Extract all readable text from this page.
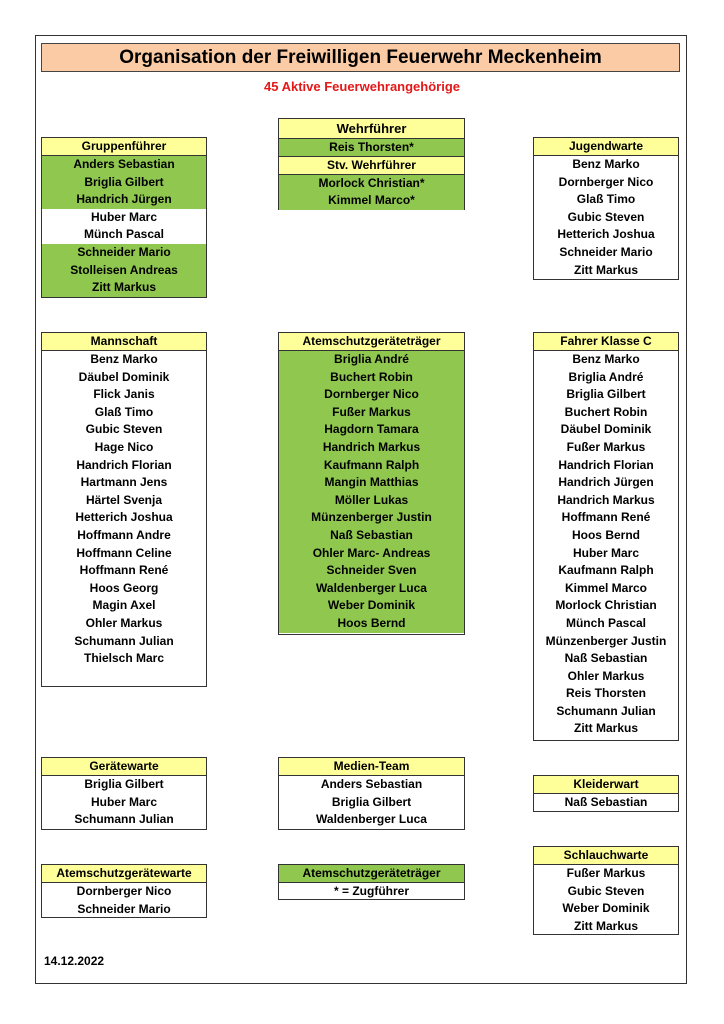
Organisation der Freiwilligen Feuerwehr Meckenheim
45 Aktive Feuerwehrangehörige
Wehrführer
Reis Thorsten*
Stv. Wehrführer
Morlock Christian*
Kimmel Marco*
Gruppenführer
Anders Sebastian
Briglia Gilbert
Handrich Jürgen
Huber Marc
Münch Pascal
Schneider Mario
Stolleisen Andreas
Zitt Markus
Jugendwarte
Benz Marko
Dornberger Nico
Glaß Timo
Gubic Steven
Hetterich Joshua
Schneider Mario
Zitt Markus
Mannschaft
Benz Marko
Däubel Dominik
Flick Janis
Glaß Timo
Gubic Steven
Hage Nico
Handrich Florian
Hartmann Jens
Härtel Svenja
Hetterich Joshua
Hoffmann Andre
Hoffmann Celine
Hoffmann René
Hoos Georg
Magin Axel
Ohler Markus
Schumann Julian
Thielsch Marc
Atemschutzgeräteträger
Briglia André
Buchert Robin
Dornberger Nico
Fußer Markus
Hagdorn Tamara
Handrich Markus
Kaufmann Ralph
Mangin Matthias
Möller Lukas
Münzenberger Justin
Naß Sebastian
Ohler Marc- Andreas
Schneider Sven
Waldenberger Luca
Weber Dominik
Hoos Bernd
Fahrer Klasse C
Benz Marko
Briglia André
Briglia Gilbert
Buchert Robin
Däubel Dominik
Fußer Markus
Handrich Florian
Handrich Jürgen
Handrich Markus
Hoffmann René
Hoos Bernd
Huber Marc
Kaufmann Ralph
Kimmel Marco
Morlock Christian
Münch Pascal
Münzenberger Justin
Naß Sebastian
Ohler Markus
Reis Thorsten
Schumann Julian
Zitt Markus
Gerätewarte
Briglia Gilbert
Huber Marc
Schumann Julian
Medien-Team
Anders Sebastian
Briglia Gilbert
Waldenberger Luca
Kleiderwart
Naß Sebastian
Atemschutzgerätewarte
Dornberger Nico
Schneider Mario
Atemschutzgeräteträger
* = Zugführer
Schlauchwarte
Fußer Markus
Gubic Steven
Weber Dominik
Zitt Markus
14.12.2022
